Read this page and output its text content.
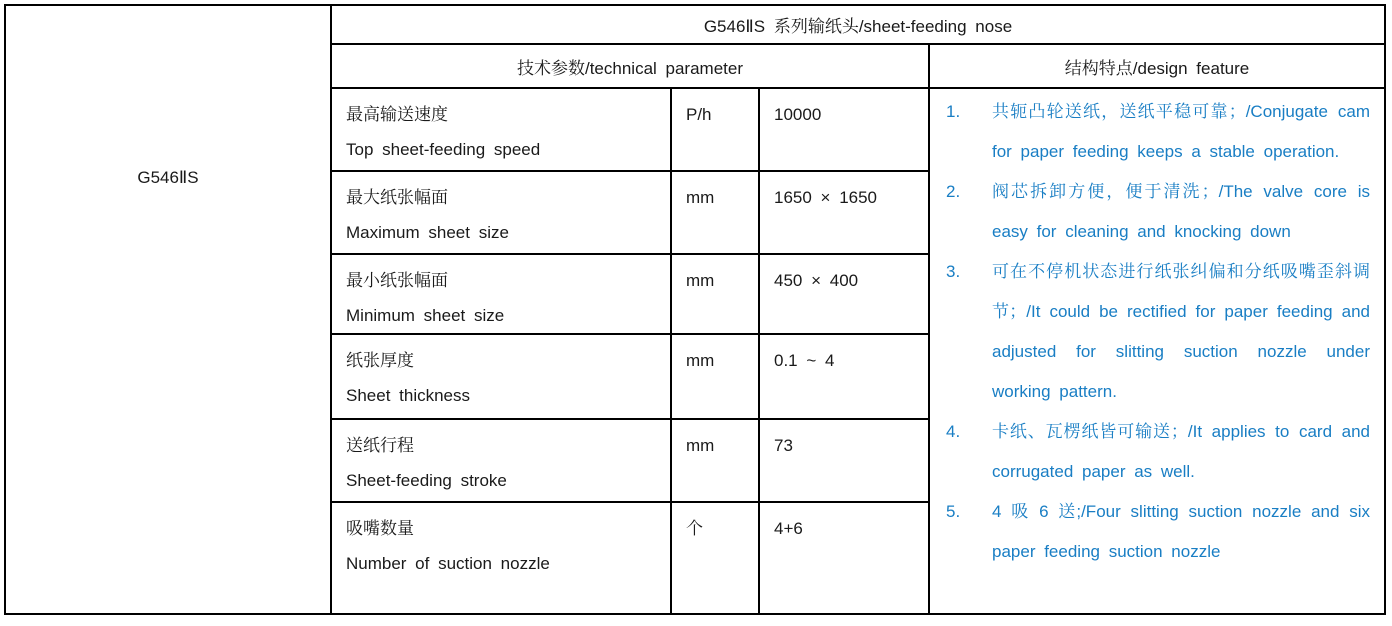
G546ⅡS
G546ⅡS 系列输纸头/sheet-feeding nose
技术参数/technical parameter	结构特点/design feature
最高输送速度
Top sheet-feeding speed
P/h	10000
最大纸张幅面
Maximum sheet size
mm	1650 × 1650
最小纸张幅面
Minimum sheet size
mm	450 × 400
纸张厚度
Sheet thickness
mm	0.1 ~ 4
送纸行程
Sheet-feeding stroke
mm	73
吸嘴数量
Number of suction nozzle
个	4+6
1.	共轭凸轮送纸，送纸平稳可靠；/Conjugate cam for paper feeding keeps a stable operation.
2.	阀芯拆卸方便，便于清洗；/The valve core is easy for cleaning and knocking down
3.	可在不停机状态进行纸张纠偏和分纸吸嘴歪斜调节；/It could be rectified for paper feeding and adjusted for slitting suction nozzle under working pattern.
4.	卡纸、瓦楞纸皆可输送；/It applies to card and corrugated paper as well.
5.	4 吸 6 送;/Four slitting suction nozzle and six paper feeding suction nozzle
